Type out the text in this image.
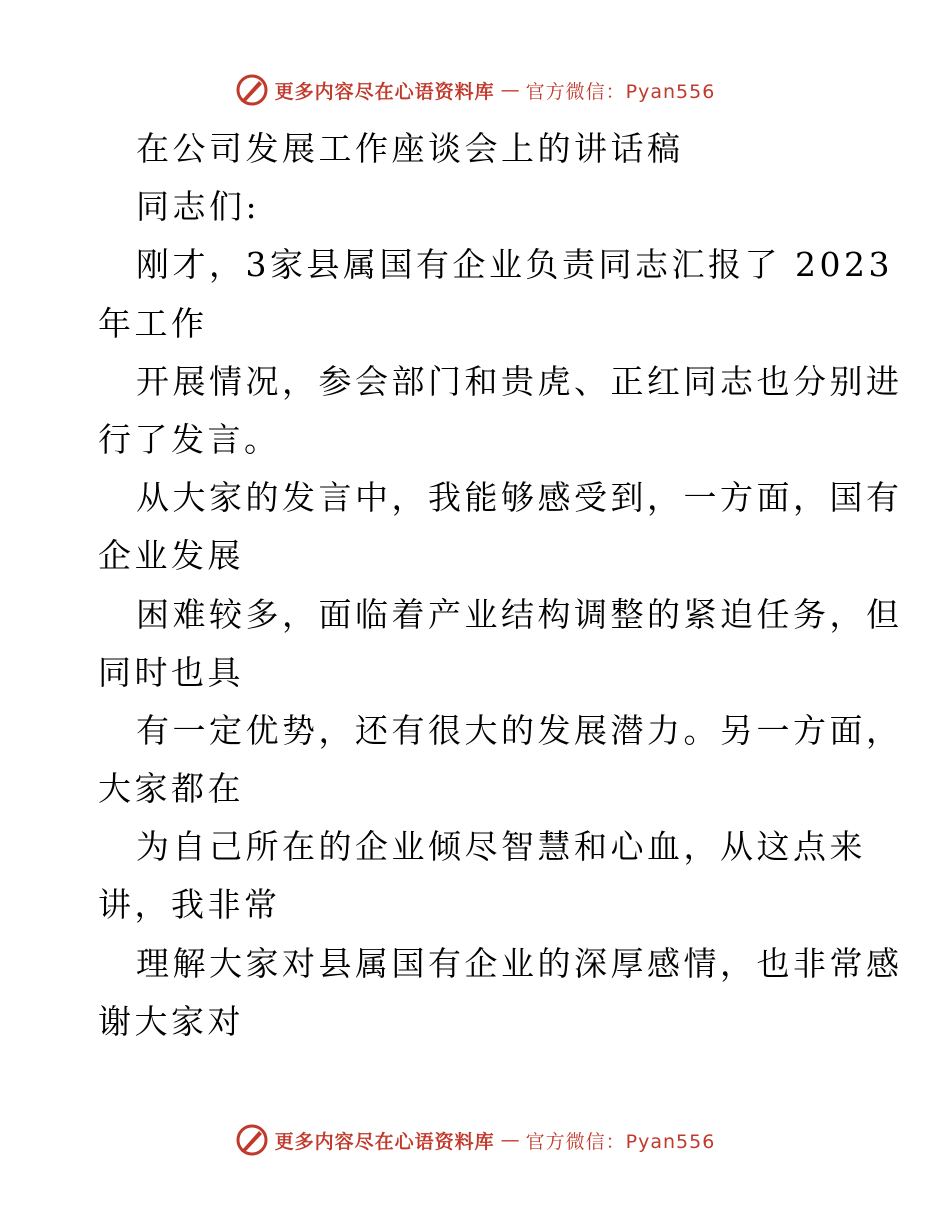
更多内容尽在心语资料库 — 官方微信：Pyan556
在公司发展工作座谈会上的讲话稿
同志们:
刚才，3家县属国有企业负责同志汇报了 2023
年工作
开展情况，参会部门和贵虎、正红同志也分别进
行了发言。
从大家的发言中，我能够感受到，一方面，国有
企业发展
困难较多，面临着产业结构调整的紧迫任务，但
同时也具
有一定优势，还有很大的发展潜力。另一方面，
大家都在
为自己所在的企业倾尽智慧和心血，从这点来
讲，我非常
理解大家对县属国有企业的深厚感情，也非常感
谢大家对
更多内容尽在心语资料库 — 官方微信：Pyan556
